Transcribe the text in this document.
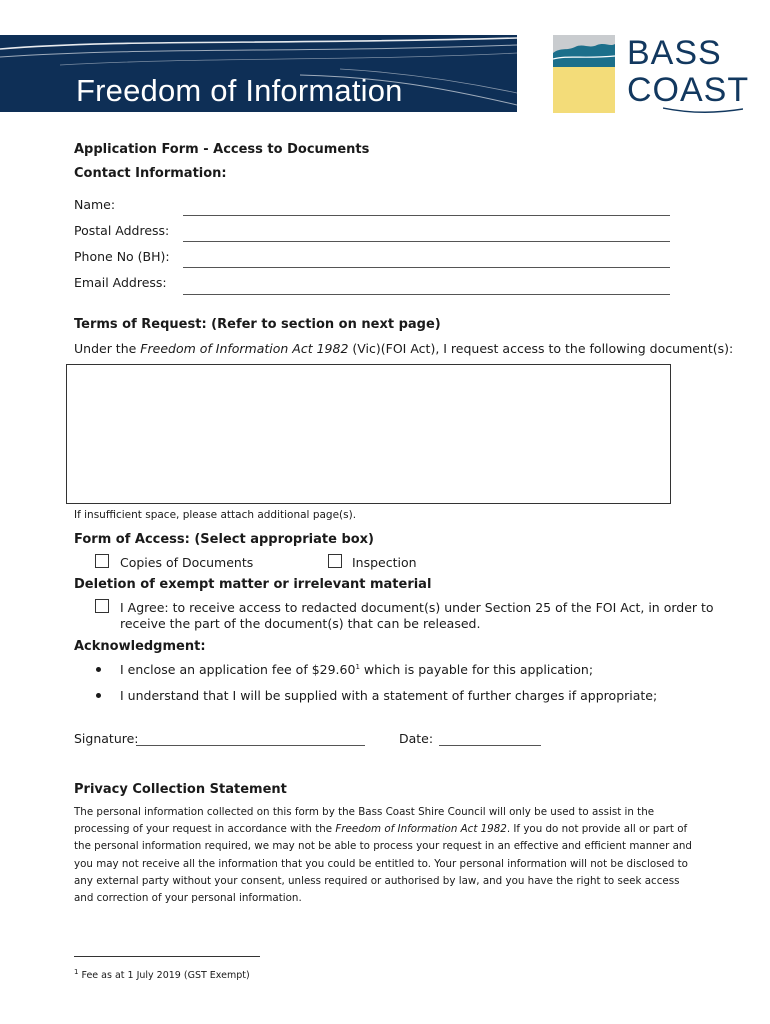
Freedom of Information
BASS
COAST
Application Form - Access to Documents
Contact Information:
Name:
Postal Address:
Phone No (BH):
Email Address:
Terms of Request: (Refer to section on next page)
Under the Freedom of Information Act 1982 (Vic)(FOI Act), I request access to the following document(s):
If insufficient space, please attach additional page(s).
Form of Access: (Select appropriate box)
Copies of Documents	Inspection
Deletion of exempt matter or irrelevant material
I Agree: to receive access to redacted document(s) under Section 25 of the FOI Act, in order to
receive the part of the document(s) that can be released.
Acknowledgment:
I enclose an application fee of $29.60$^1$ which is payable for this application;
I understand that I will be supplied with a statement of further charges if appropriate;
Signature:	Date:
Privacy Collection Statement

The personal information collected on this form by the Bass Coast Shire Council will only be used to assist in the processing of your request in accordance with the Freedom of Information Act 1982. If you do not provide all or part of the personal information required, we may not be able to process your request in an effective and efficient manner and you may not receive all the information that you could be entitled to. Your personal information will not be disclosed to any external party without your consent, unless required or authorised by law, and you have the right to seek access and correction of your personal information.

$^1$ Fee as at 1 July 2019 (GST Exempt)
